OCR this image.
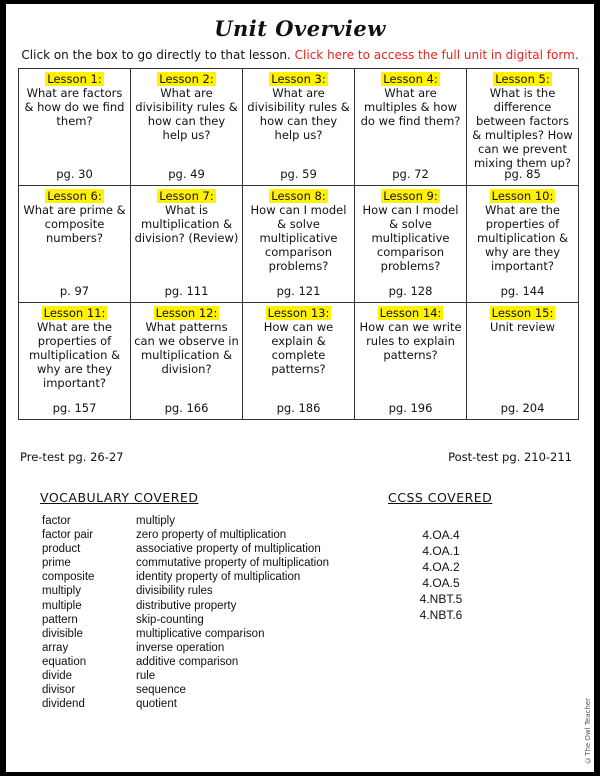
Unit Overview
Click on the box to go directly to that lesson. Click here to access the full unit in digital form.
Lesson 1:
What are factors & how do we find them?
pg. 30
Lesson 2:
What are divisibility rules & how can they help us?
pg. 49
Lesson 3:
What are divisibility rules & how can they help us?
pg. 59
Lesson 4:
What are multiples & how do we find them?
pg. 72
Lesson 5:
What is the difference between factors & multiples? How can we prevent mixing them up?
pg. 85
Lesson 6:
What are prime & composite numbers?
p. 97
Lesson 7:
What is multiplication & division? (Review)
pg. 111
Lesson 8:
How can I model & solve multiplicative comparison problems?
pg. 121
Lesson 9:
How can I model & solve multiplicative comparison problems?
pg. 128
Lesson 10:
What are the properties of multiplication & why are they important?
pg. 144
Lesson 11:
What are the properties of multiplication & why are they important?
pg. 157
Lesson 12:
What patterns can we observe in multiplication & division?
pg. 166
Lesson 13:
How can we explain & complete patterns?
pg. 186
Lesson 14:
How can we write rules to explain patterns?
pg. 196
Lesson 15:
Unit review
pg. 204
Pre-test pg. 26-27	Post-test pg. 210-211
VOCABULARY COVERED	CCSS COVERED
factor
factor pair
product
prime
composite
multiply
multiple
pattern
divisible
array
equation
divide
divisor
dividend
multiply
zero property of multiplication
associative property of multiplication
commutative property of multiplication
identity property of multiplication
divisibility rules
distributive property
skip-counting
multiplicative comparison
inverse operation
additive comparison
rule
sequence
quotient
4.OA.4
4.OA.1
4.OA.2
4.OA.5
4.NBT.5
4.NBT.6
©The Owl Teacher
